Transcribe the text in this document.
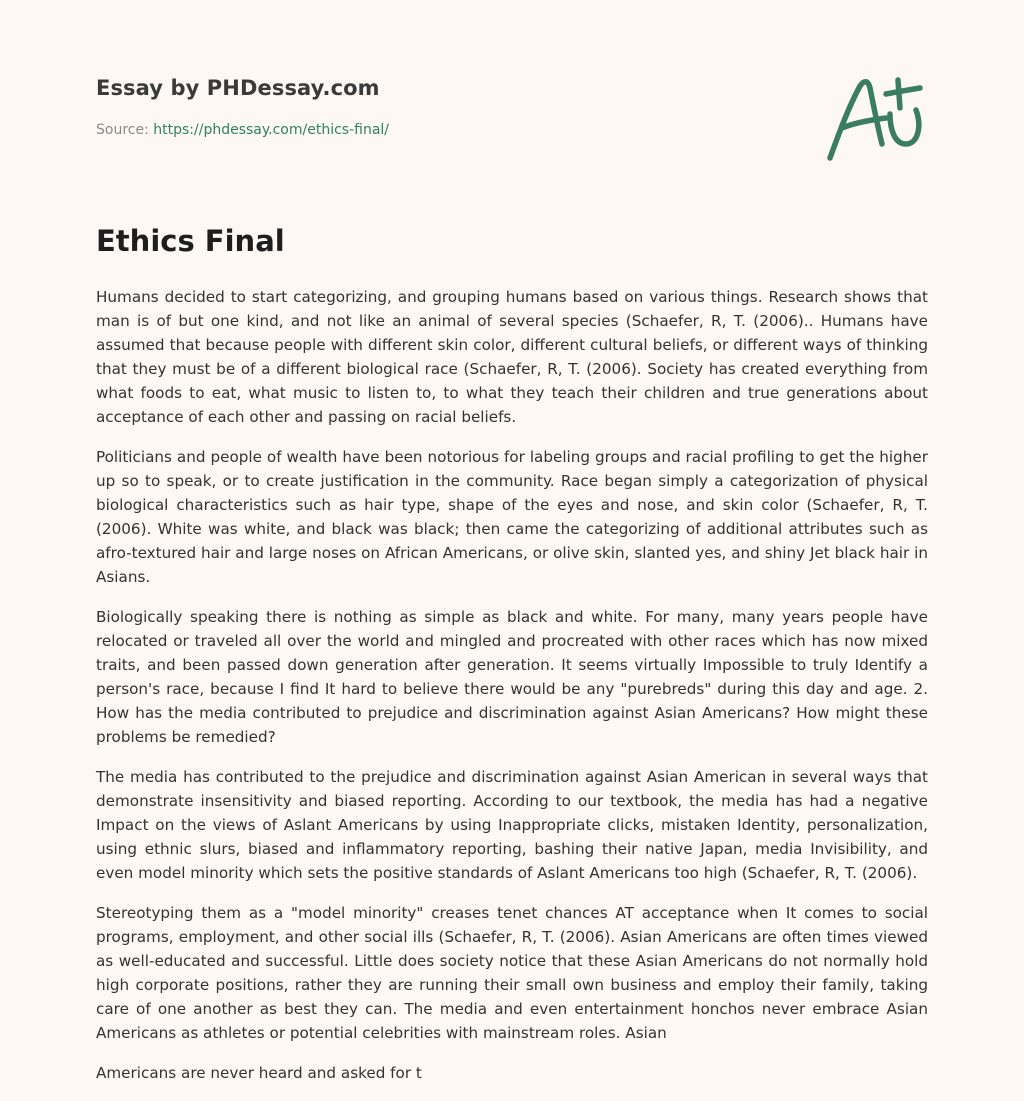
Essay by PHDessay.com
Source: https://phdessay.com/ethics-final/
Ethics Final

Humans decided to start categorizing, and grouping humans based on various things. Research shows that man is of but one kind, and not like an animal of several species (Schaefer, R, T. (2006).. Humans have assumed that because people with different skin color, different cultural beliefs, or different ways of thinking that they must be of a different biological race (Schaefer, R, T. (2006). Society has created everything from what foods to eat, what music to listen to, to what they teach their children and true generations about acceptance of each other and passing on racial beliefs.

Politicians and people of wealth have been notorious for labeling groups and racial profiling to get the higher up so to speak, or to create justification in the community. Race began simply a categorization of physical biological characteristics such as hair type, shape of the eyes and nose, and skin color (Schaefer, R, T. (2006). White was white, and black was black; then came the categorizing of additional attributes such as afro-textured hair and large noses on African Americans, or olive skin, slanted yes, and shiny Jet black hair in Asians.

Biologically speaking there is nothing as simple as black and white. For many, many years people have relocated or traveled all over the world and mingled and procreated with other races which has now mixed traits, and been passed down generation after generation. It seems virtually Impossible to truly Identify a person's race, because I find It hard to believe there would be any "purebreds" during this day and age. 2. How has the media contributed to prejudice and discrimination against Asian Americans? How might these problems be remedied?

The media has contributed to the prejudice and discrimination against Asian American in several ways that demonstrate insensitivity and biased reporting. According to our textbook, the media has had a negative Impact on the views of Aslant Americans by using Inappropriate clicks, mistaken Identity, personalization, using ethnic slurs, biased and inflammatory reporting, bashing their native Japan, media Invisibility, and even model minority which sets the positive standards of Aslant Americans too high (Schaefer, R, T. (2006).

Stereotyping them as a "model minority" creases tenet chances AT acceptance when It comes to social programs, employment, and other social ills (Schaefer, R, T. (2006). Asian Americans are often times viewed as well-educated and successful. Little does society notice that these Asian Americans do not normally hold high corporate positions, rather they are running their small own business and employ their family, taking care of one another as best they can. The media and even entertainment honchos never embrace Asian Americans as athletes or potential celebrities with mainstream roles. Asian

Americans are never heard and asked for t
